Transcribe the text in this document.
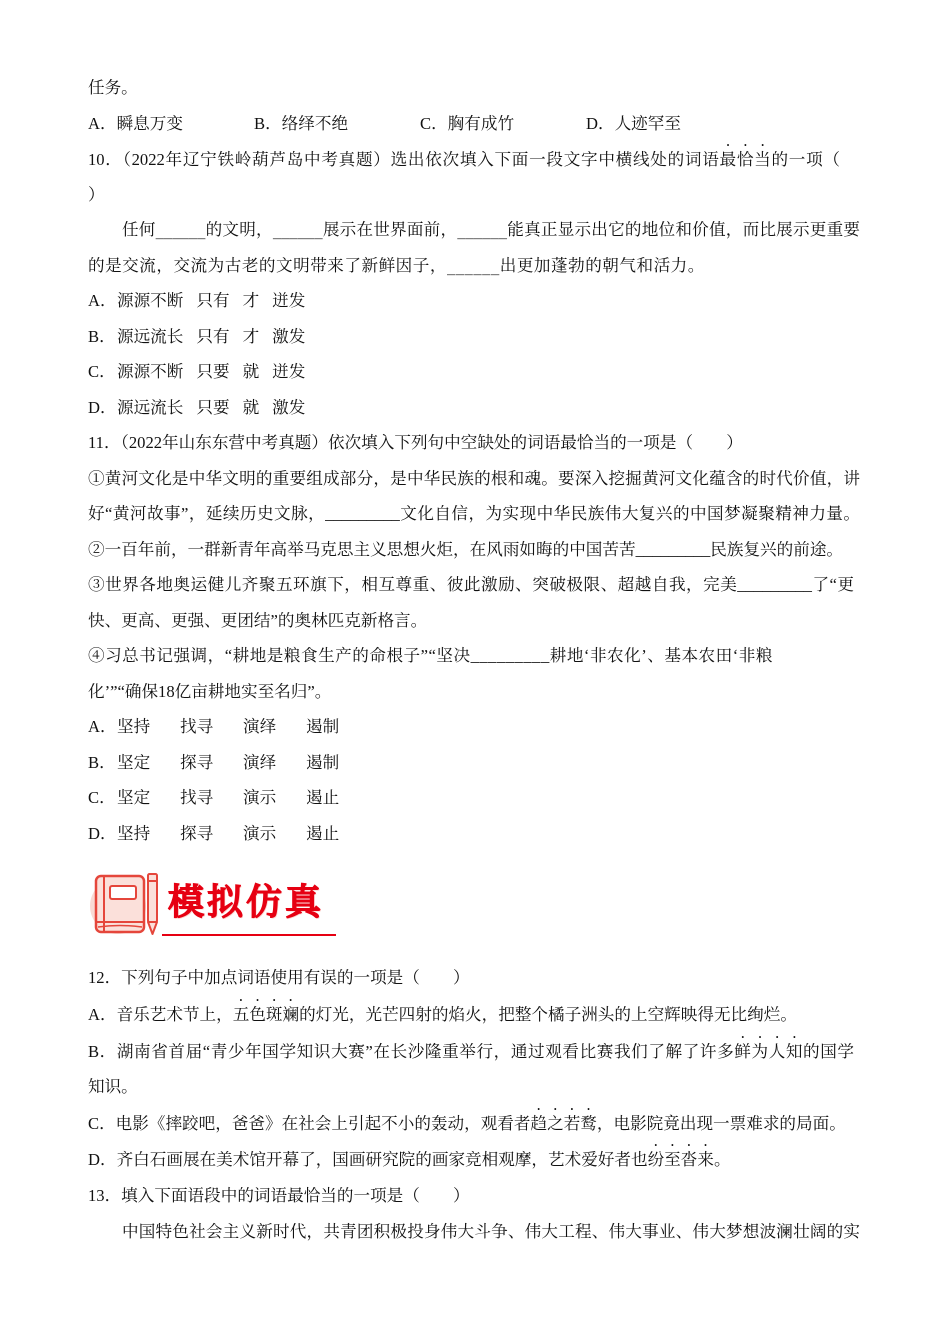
任务。
A．瞬息万变	B．络绎不绝	C．胸有成竹	D．人迹罕至
10．（2022年辽宁铁岭葫芦岛中考真题）选出依次填入下面一段文字中横线处的词语最恰当的一项（
）
任何______的文明，______展示在世界面前，______能真正显示出它的地位和价值，而比展示更重要
的是交流，交流为古老的文明带来了新鲜因子，______出更加蓬勃的朝气和活力。
A．源源不断 只有 才 迸发
B．源远流长 只有 才 激发
C．源源不断 只要 就 迸发
D．源远流长 只要 就 激发
11．（2022年山东东营中考真题）依次填入下列句中空缺处的词语最恰当的一项是（　　）
①黄河文化是中华文明的重要组成部分，是中华民族的根和魂。要深入挖掘黄河文化蕴含的时代价值，讲
好“黄河故事”，延续历史文脉，_________文化自信，为实现中华民族伟大复兴的中国梦凝聚精神力量。
②一百年前，一群新青年高举马克思主义思想火炬，在风雨如晦的中国苦苦_________民族复兴的前途。
③世界各地奥运健儿齐聚五环旗下，相互尊重、彼此激励、突破极限、超越自我，完美_________了“更
快、更高、更强、更团结”的奥林匹克新格言。
④习总书记强调，“耕地是粮食生产的命根子”“坚决_________耕地‘非农化’、基本农田‘非粮
化’”“确保18亿亩耕地实至名归”。
A．坚持 找寻 演绎 遏制
B．坚定 探寻 演绎 遏制
C．坚定 找寻 演示 遏止
D．坚持 探寻 演示 遏止
模拟仿真
12．下列句子中加点词语使用有误的一项是（　　）
A．音乐艺术节上，五色斑斓的灯光，光芒四射的焰火，把整个橘子洲头的上空辉映得无比绚烂。
B．湖南省首届“青少年国学知识大赛”在长沙隆重举行，通过观看比赛我们了解了许多鲜为人知的国学
知识。
C．电影《摔跤吧，爸爸》在社会上引起不小的轰动，观看者趋之若鹜，电影院竟出现一票难求的局面。
D．齐白石画展在美术馆开幕了，国画研究院的画家竞相观摩，艺术爱好者也纷至沓来。
13．填入下面语段中的词语最恰当的一项是（　　）
中国特色社会主义新时代，共青团积极投身伟大斗争、伟大工程、伟大事业、伟大梦想波澜壮阔的实
